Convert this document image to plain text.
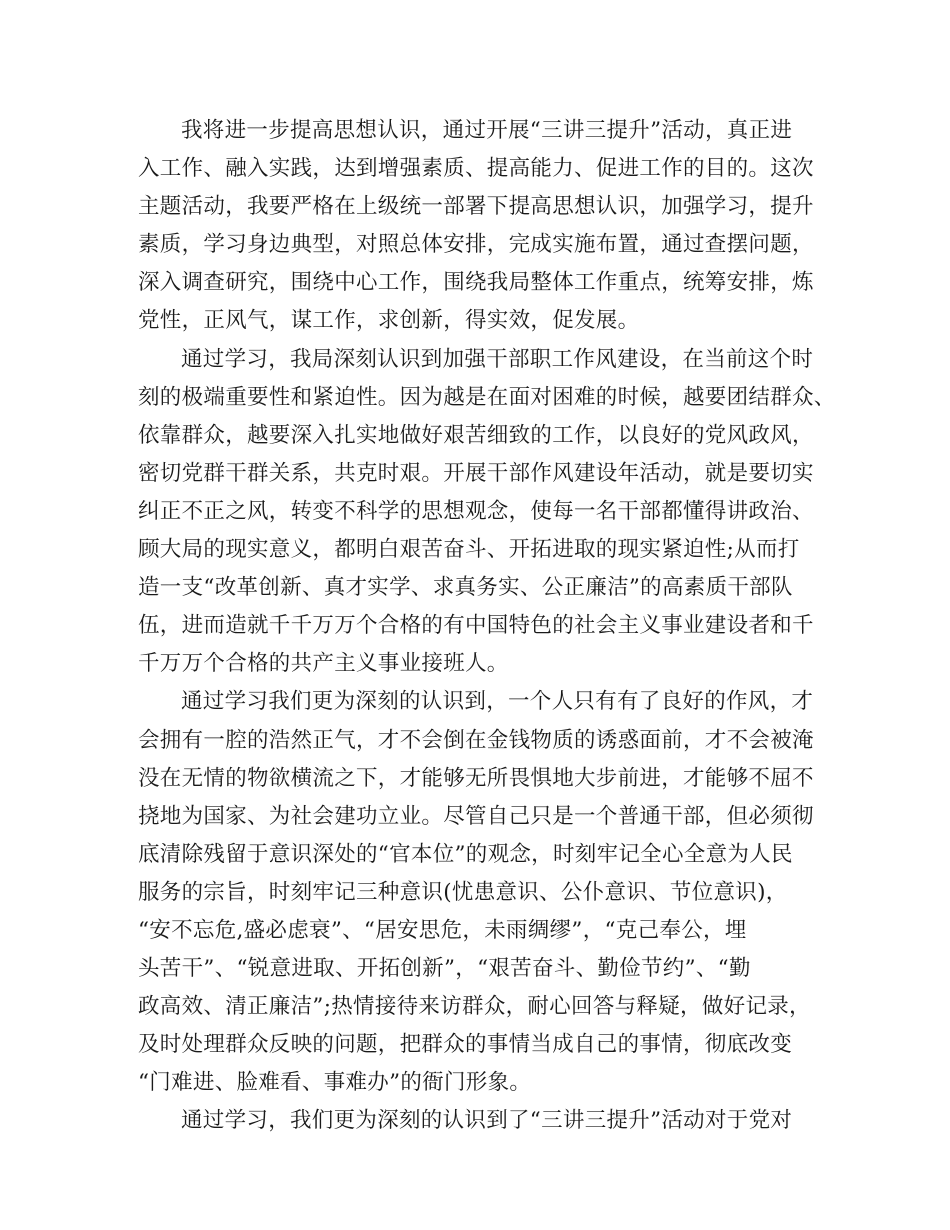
我将进一步提高思想认识，通过开展“三讲三提升”活动，真正进
入工作、融入实践，达到增强素质、提高能力、促进工作的目的。这次
主题活动，我要严格在上级统一部署下提高思想认识，加强学习，提升
素质，学习身边典型，对照总体安排，完成实施布置，通过查摆问题，
深入调查研究，围绕中心工作，围绕我局整体工作重点，统筹安排，炼
党性，正风气，谋工作，求创新，得实效，促发展。
通过学习，我局深刻认识到加强干部职工作风建设，在当前这个时
刻的极端重要性和紧迫性。因为越是在面对困难的时候，越要团结群众、
依靠群众，越要深入扎实地做好艰苦细致的工作，以良好的党风政风，
密切党群干群关系，共克时艰。开展干部作风建设年活动，就是要切实
纠正不正之风，转变不科学的思想观念，使每一名干部都懂得讲政治、
顾大局的现实意义，都明白艰苦奋斗、开拓进取的现实紧迫性;从而打
造一支“改革创新、真才实学、求真务实、公正廉洁”的高素质干部队
伍，进而造就千千万万个合格的有中国特色的社会主义事业建设者和千
千万万个合格的共产主义事业接班人。
通过学习我们更为深刻的认识到，一个人只有有了良好的作风，才
会拥有一腔的浩然正气，才不会倒在金钱物质的诱惑面前，才不会被淹
没在无情的物欲横流之下，才能够无所畏惧地大步前进，才能够不屈不
挠地为国家、为社会建功立业。尽管自己只是一个普通干部，但必须彻
底清除残留于意识深处的“官本位”的观念，时刻牢记全心全意为人民
服务的宗旨，时刻牢记三种意识(忧患意识、公仆意识、节位意识)，
“安不忘危,盛必虑衰”、“居安思危，未雨绸缪”，“克己奉公，埋
头苦干”、“锐意进取、开拓创新”，“艰苦奋斗、勤俭节约”、“勤
政高效、清正廉洁”;热情接待来访群众，耐心回答与释疑，做好记录，
及时处理群众反映的问题，把群众的事情当成自己的事情，彻底改变
“门难进、脸难看、事难办”的衙门形象。
通过学习，我们更为深刻的认识到了“三讲三提升”活动对于党对
